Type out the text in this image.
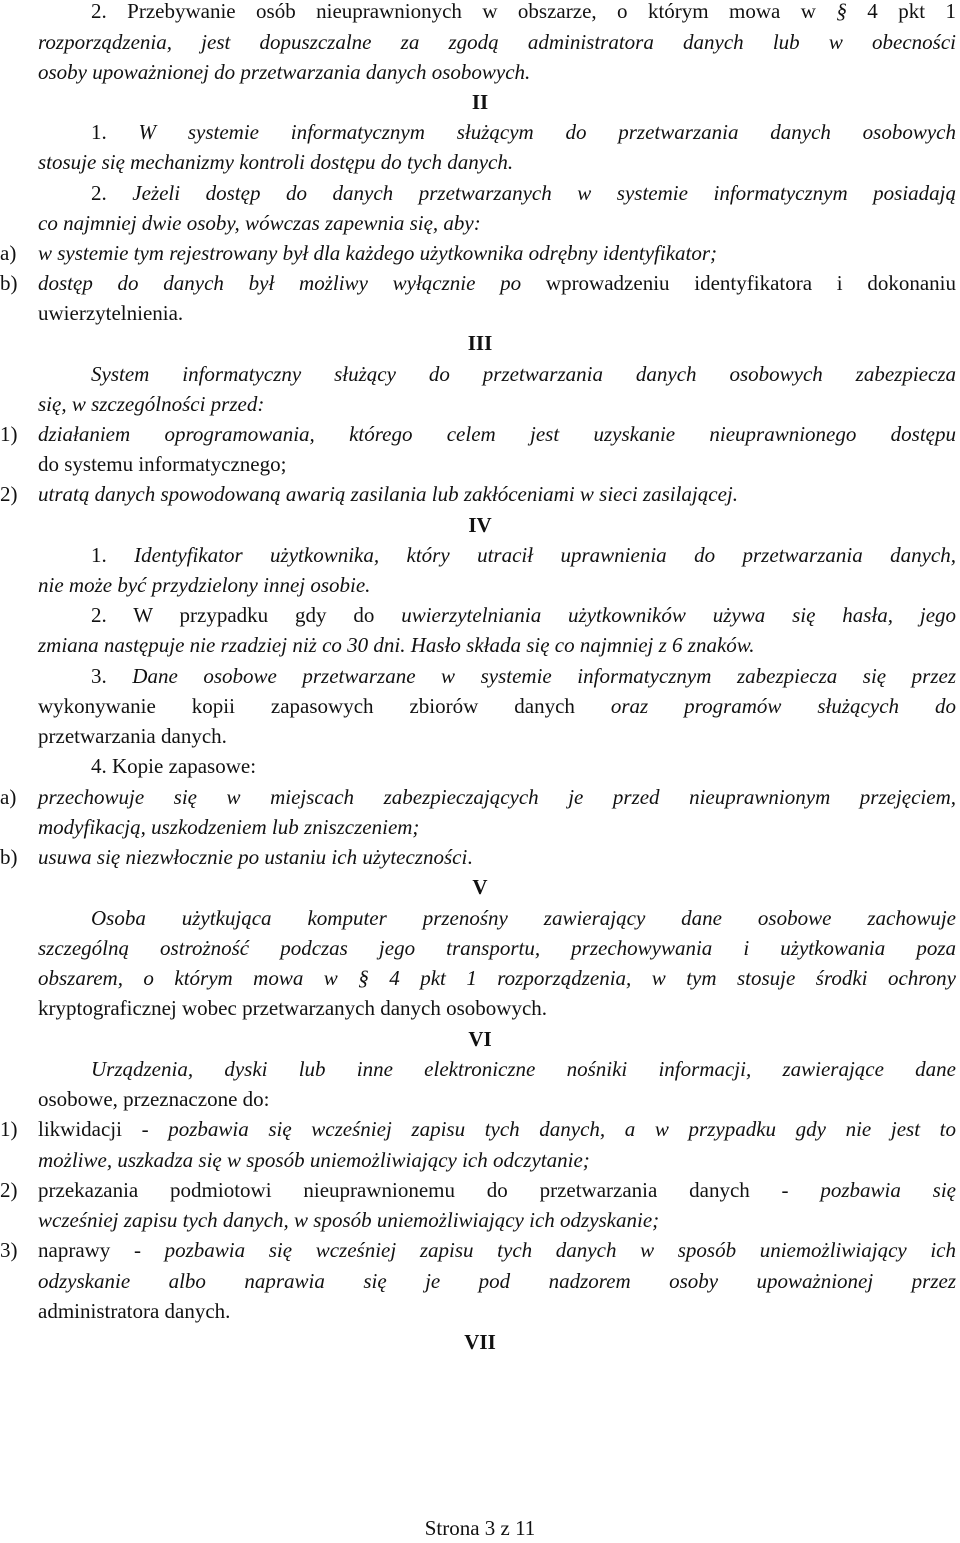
2. Przebywanie osób nieuprawnionych w obszarze, o którym mowa w § 4 pkt 1
rozporządzenia, jest dopuszczalne za zgodą administratora danych lub w obecności
osoby upoważnionej do przetwarzania danych osobowych.
II
1. W systemie informatycznym służącym do przetwarzania danych osobowych
stosuje się mechanizmy kontroli dostępu do tych danych.
2. Jeżeli dostęp do danych przetwarzanych w systemie informatycznym posiadają
co najmniej dwie osoby, wówczas zapewnia się, aby:
a) w systemie tym rejestrowany był dla każdego użytkownika odrębny identyfikator;
b) dostęp do danych był możliwy wyłącznie po wprowadzeniu identyfikatora i dokonaniu
uwierzytelnienia.
III
System informatyczny służący do przetwarzania danych osobowych zabezpiecza
się, w szczególności przed:
1) działaniem oprogramowania, którego celem jest uzyskanie nieuprawnionego dostępu
do systemu informatycznego;
2) utratą danych spowodowaną awarią zasilania lub zakłóceniami w sieci zasilającej.
IV
1. Identyfikator użytkownika, który utracił uprawnienia do przetwarzania danych,
nie może być przydzielony innej osobie.
2. W przypadku gdy do uwierzytelniania użytkowników używa się hasła, jego
zmiana następuje nie rzadziej niż co 30 dni. Hasło składa się co najmniej z 6 znaków.
3. Dane osobowe przetwarzane w systemie informatycznym zabezpiecza się przez
wykonywanie kopii zapasowych zbiorów danych oraz programów służących do
przetwarzania danych.
4. Kopie zapasowe:
a) przechowuje się w miejscach zabezpieczających je przed nieuprawnionym przejęciem,
modyfikacją, uszkodzeniem lub zniszczeniem;
b) usuwa się niezwłocznie po ustaniu ich użyteczności.
V
Osoba użytkująca komputer przenośny zawierający dane osobowe zachowuje
szczególną ostrożność podczas jego transportu, przechowywania i użytkowania poza
obszarem, o którym mowa w § 4 pkt 1 rozporządzenia, w tym stosuje środki ochrony
kryptograficznej wobec przetwarzanych danych osobowych.
VI
Urządzenia, dyski lub inne elektroniczne nośniki informacji, zawierające dane
osobowe, przeznaczone do:
1) likwidacji - pozbawia się wcześniej zapisu tych danych, a w przypadku gdy nie jest to
możliwe, uszkadza się w sposób uniemożliwiający ich odczytanie;
2) przekazania podmiotowi nieuprawnionemu do przetwarzania danych - pozbawia się
wcześniej zapisu tych danych, w sposób uniemożliwiający ich odzyskanie;
3) naprawy - pozbawia się wcześniej zapisu tych danych w sposób uniemożliwiający ich
odzyskanie albo naprawia się je pod nadzorem osoby upoważnionej przez
administratora danych.
VII
Strona 3 z 11
